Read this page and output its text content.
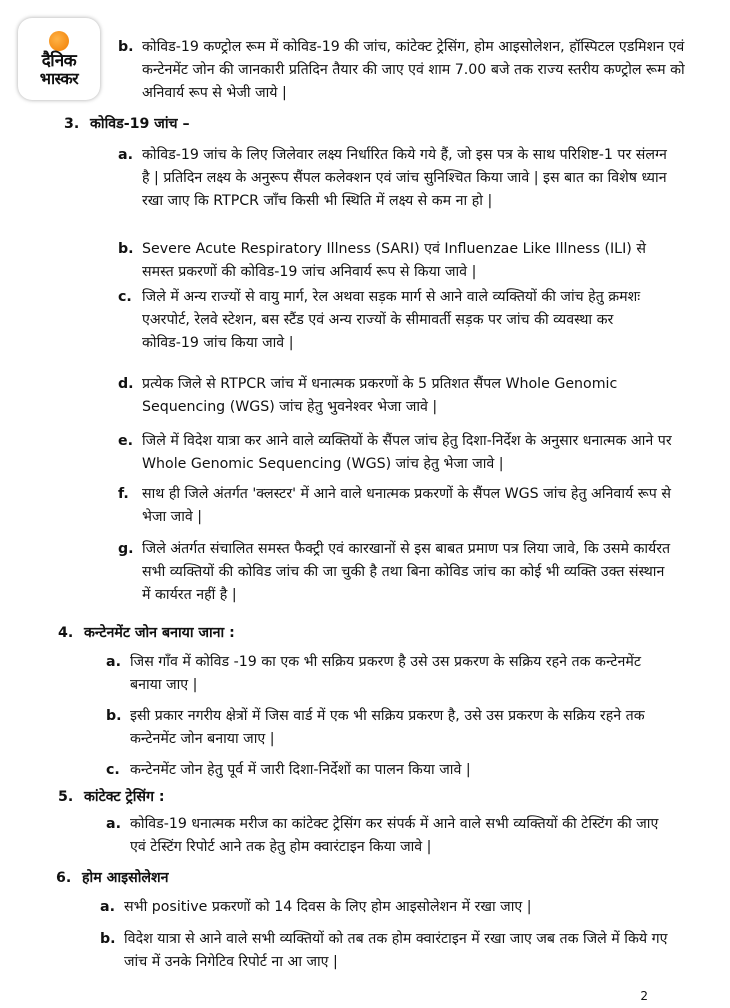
दैनिक
भास्कर
b. कोविड-19 कण्ट्रोल रूम में कोविड-19 की जांच, कांटेक्ट ट्रेसिंग, होम आइसोलेशन, हॉस्पिटल एडमिशन एवं कन्टेनमेंट जोन की जानकारी प्रतिदिन तैयार की जाए एवं शाम 7.00 बजे तक राज्य स्तरीय कण्ट्रोल रूम को अनिवार्य रूप से भेजी जाये |
3. कोविड-19 जांच –
a. कोविड-19 जांच के लिए जिलेवार लक्ष्य निर्धारित किये गये हैं, जो इस पत्र के साथ परिशिष्ट-1 पर संलग्न है | प्रतिदिन लक्ष्य के अनुरूप सैंपल कलेक्शन एवं जांच सुनिश्चित किया जावे | इस बात का विशेष ध्यान रखा जाए कि RTPCR जाँच किसी भी स्थिति में लक्ष्य से कम ना हो |
b. Severe Acute Respiratory Illness (SARI) एवं Influenzae Like Illness (ILI) से समस्त प्रकरणों की कोविड-19 जांच अनिवार्य रूप से किया जावे |
c. जिले में अन्य राज्यों से वायु मार्ग, रेल अथवा सड़क मार्ग से आने वाले व्यक्तियों की जांच हेतु क्रमशः एअरपोर्ट, रेलवे स्टेशन, बस स्टैंड एवं अन्य राज्यों के सीमावर्ती सड़क पर जांच की व्यवस्था कर कोविड-19 जांच किया जावे |
d. प्रत्येक जिले से RTPCR जांच में धनात्मक प्रकरणों के 5 प्रतिशत सैंपल Whole Genomic Sequencing (WGS) जांच हेतु भुवनेश्वर भेजा जावे |
e. जिले में विदेश यात्रा कर आने वाले व्यक्तियों के सैंपल जांच हेतु दिशा-निर्देश के अनुसार धनात्मक आने पर Whole Genomic Sequencing (WGS) जांच हेतु भेजा जावे |
f. साथ ही जिले अंतर्गत 'क्लस्टर' में आने वाले धनात्मक प्रकरणों के सैंपल WGS जांच हेतु अनिवार्य रूप से भेजा जावे |
g. जिले अंतर्गत संचालित समस्त फैक्ट्री एवं कारखानों से इस बाबत प्रमाण पत्र लिया जावे, कि उसमे कार्यरत सभी व्यक्तियों की कोविड जांच की जा चुकी है तथा बिना कोविड जांच का कोई भी व्यक्ति उक्त संस्थान में कार्यरत नहीं है |
4. कन्टेनमेंट जोन बनाया जाना :
a. जिस गाँव में कोविड -19 का एक भी सक्रिय प्रकरण है उसे उस प्रकरण के सक्रिय रहने तक कन्टेनमेंट बनाया जाए |
b. इसी प्रकार नगरीय क्षेत्रों में जिस वार्ड में एक भी सक्रिय प्रकरण है, उसे उस प्रकरण के सक्रिय रहने तक कन्टेनमेंट जोन बनाया जाए |
c. कन्टेनमेंट जोन हेतु पूर्व में जारी दिशा-निर्देशों का पालन किया जावे |
5. कांटेक्ट ट्रेसिंग :
a. कोविड-19 धनात्मक मरीज का कांटेक्ट ट्रेसिंग कर संपर्क में आने वाले सभी व्यक्तियों की टेस्टिंग की जाए एवं टेस्टिंग रिपोर्ट आने तक हेतु होम क्वारंटाइन किया जावे |
6. होम आइसोलेशन
a. सभी positive प्रकरणों को 14 दिवस के लिए होम आइसोलेशन में रखा जाए |
b. विदेश यात्रा से आने वाले सभी व्यक्तियों को तब तक होम क्वारंटाइन में रखा जाए जब तक जिले में किये गए जांच में उनके निगेटिव रिपोर्ट ना आ जाए |
2
